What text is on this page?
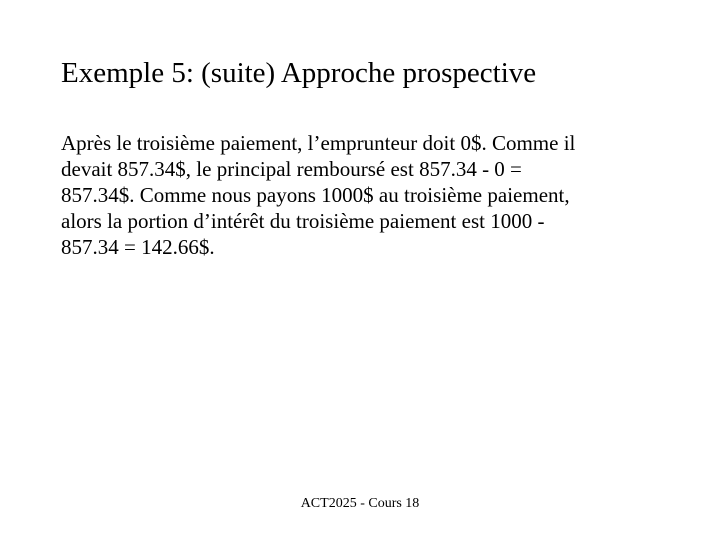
Exemple 5: (suite) Approche prospective
Après le troisième paiement, l’emprunteur doit 0$. Comme il
devait 857.34$, le principal remboursé est 857.34 - 0 =
857.34$. Comme nous payons 1000$ au troisième paiement,
alors la portion d’intérêt du troisième paiement est 1000 -
857.34 = 142.66$.
ACT2025 - Cours 18
